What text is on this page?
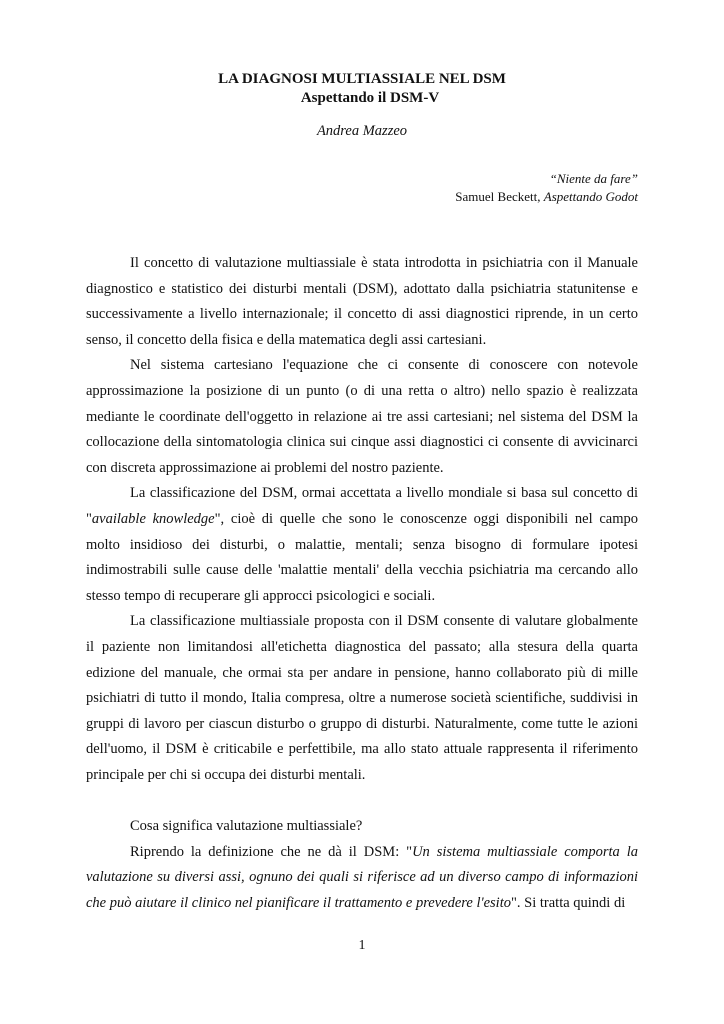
LA DIAGNOSI MULTIASSIALE NEL DSM
Aspettando il DSM-V
Andrea Mazzeo
“Niente da fare”
Samuel Beckett, Aspettando Godot

Il concetto di valutazione multiassiale è stata introdotta in psichiatria con il Manuale diagnostico e statistico dei disturbi mentali (DSM), adottato dalla psichiatria statunitense e successivamente a livello internazionale; il concetto di assi diagnostici riprende, in un certo senso, il concetto della fisica e della matematica degli assi cartesiani.

Nel sistema cartesiano l'equazione che ci consente di conoscere con notevole approssimazione la posizione di un punto (o di una retta o altro) nello spazio è realizzata mediante le coordinate dell'oggetto in relazione ai tre assi cartesiani; nel sistema del DSM la collocazione della sintomatologia clinica sui cinque assi diagnostici ci consente di avvicinarci con discreta approssimazione ai problemi del nostro paziente.

La classificazione del DSM, ormai accettata a livello mondiale si basa sul concetto di "available knowledge", cioè di quelle che sono le conoscenze oggi disponibili nel campo molto insidioso dei disturbi, o malattie, mentali; senza bisogno di formulare ipotesi indimostrabili sulle cause delle 'malattie mentali' della vecchia psichiatria ma cercando allo stesso tempo di recuperare gli approcci psicologici e sociali.

La classificazione multiassiale proposta con il DSM consente di valutare globalmente il paziente non limitandosi all'etichetta diagnostica del passato; alla stesura della quarta edizione del manuale, che ormai sta per andare in pensione, hanno collaborato più di mille psichiatri di tutto il mondo, Italia compresa, oltre a numerose società scientifiche, suddivisi in gruppi di lavoro per ciascun disturbo o gruppo di disturbi. Naturalmente, come tutte le azioni dell'uomo, il DSM è criticabile e perfettibile, ma allo stato attuale rappresenta il riferimento principale per chi si occupa dei disturbi mentali.

Cosa significa valutazione multiassiale?

Riprendo la definizione che ne dà il DSM: "Un sistema multiassiale comporta la valutazione su diversi assi, ognuno dei quali si riferisce ad un diverso campo di informazioni che può aiutare il clinico nel pianificare il trattamento e prevedere l'esito". Si tratta quindi di

1
